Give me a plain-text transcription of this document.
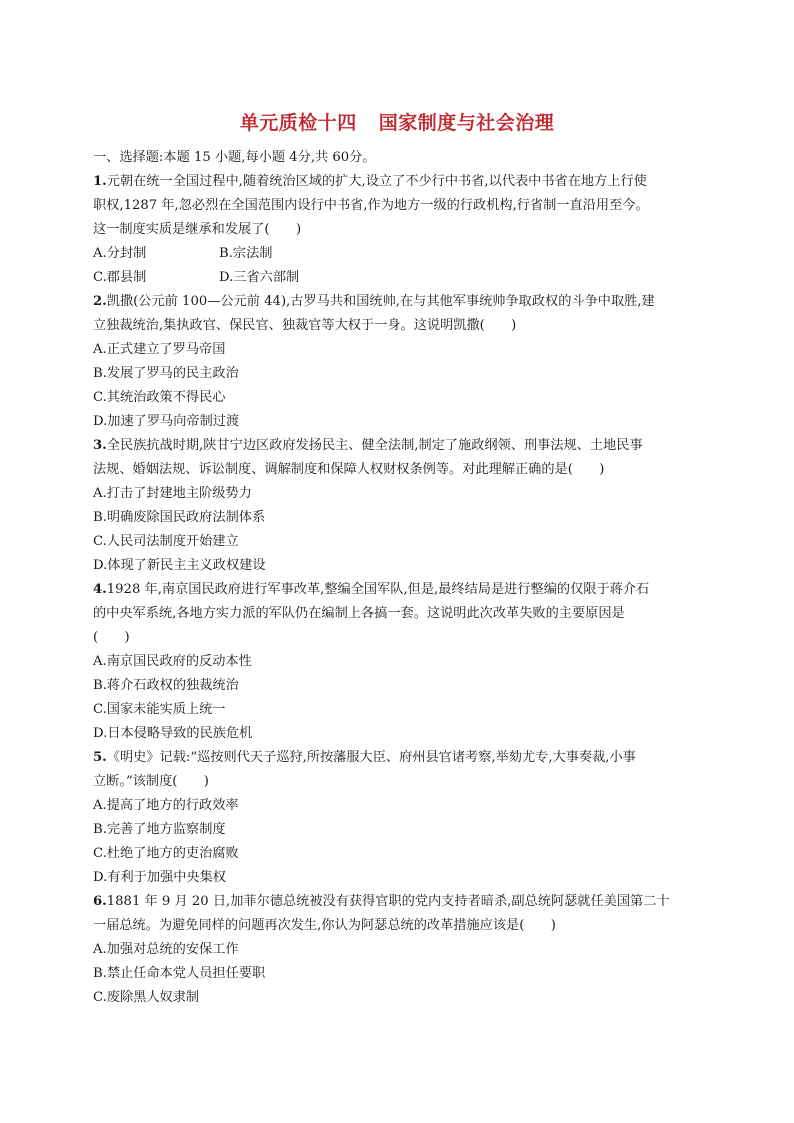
单元质检十四 国家制度与社会治理
一、选择题:本题 15 小题,每小题 4分,共 60分。
1.元朝在统一全国过程中,随着统治区域的扩大,设立了不少行中书省,以代表中书省在地方上行使
职权,1287 年,忽必烈在全国范围内设行中书省,作为地方一级的行政机构,行省制一直沿用至今。
这一制度实质是继承和发展了(　　)
A.分封制	B.宗法制
C.郡县制	D.三省六部制
2.凯撒(公元前 100—公元前 44),古罗马共和国统帅,在与其他军事统帅争取政权的斗争中取胜,建
立独裁统治,集执政官、保民官、独裁官等大权于一身。这说明凯撒(　　)
A.正式建立了罗马帝国
B.发展了罗马的民主政治
C.其统治政策不得民心
D.加速了罗马向帝制过渡
3.全民族抗战时期,陕甘宁边区政府发扬民主、健全法制,制定了施政纲领、刑事法规、土地民事
法规、婚姻法规、诉讼制度、调解制度和保障人权财权条例等。对此理解正确的是(　　)
A.打击了封建地主阶级势力
B.明确废除国民政府法制体系
C.人民司法制度开始建立
D.体现了新民主主义政权建设
4.1928 年,南京国民政府进行军事改革,整编全国军队,但是,最终结局是进行整编的仅限于蒋介石
的中央军系统,各地方实力派的军队仍在编制上各搞一套。这说明此次改革失败的主要原因是
(　　)
A.南京国民政府的反动本性
B.蒋介石政权的独裁统治
C.国家未能实质上统一
D.日本侵略导致的民族危机
5.《明史》记载:“巡按则代天子巡狩,所按藩服大臣、府州县官诸考察,举劾尤专,大事奏裁,小事
立断。”该制度(　　)
A.提高了地方的行政效率
B.完善了地方监察制度
C.杜绝了地方的吏治腐败
D.有利于加强中央集权
6.1881 年 9 月 20 日,加菲尔德总统被没有获得官职的党内支持者暗杀,副总统阿瑟就任美国第二十
一届总统。为避免同样的问题再次发生,你认为阿瑟总统的改革措施应该是(　　)
A.加强对总统的安保工作
B.禁止任命本党人员担任要职
C.废除黑人奴隶制
